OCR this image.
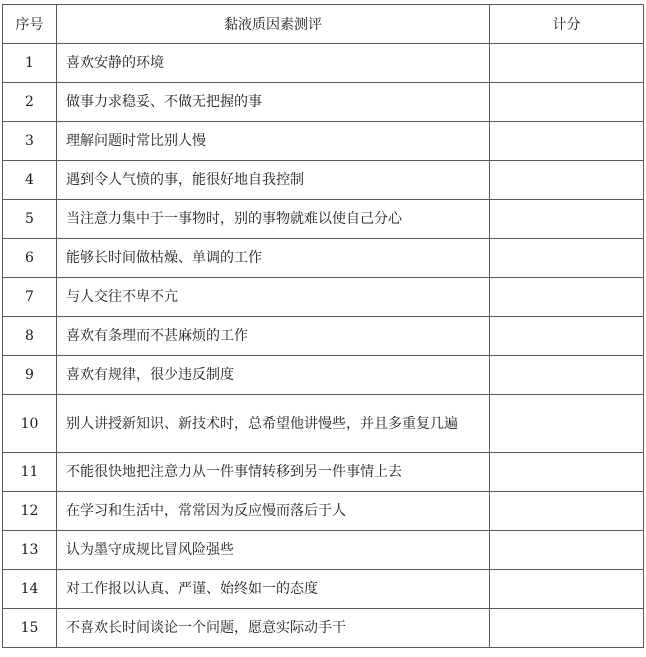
序号	黏液质因素测评	计分
1	喜欢安静的环境	
2	做事力求稳妥、不做无把握的事	
3	理解问题时常比别人慢	
4	遇到令人气愤的事，能很好地自我控制	
5	当注意力集中于一事物时，别的事物就难以使自己分心	
6	能够长时间做枯燥、单调的工作	
7	与人交往不卑不亢	
8	喜欢有条理而不甚麻烦的工作	
9	喜欢有规律，很少违反制度	
10	别人讲授新知识、新技术时，总希望他讲慢些，并且多重复几遍	
11	不能很快地把注意力从一件事情转移到另一件事情上去	
12	在学习和生活中，常常因为反应慢而落后于人	
13	认为墨守成规比冒风险强些	
14	对工作报以认真、严谨、始终如一的态度	
15	不喜欢长时间谈论一个问题，愿意实际动手干	
